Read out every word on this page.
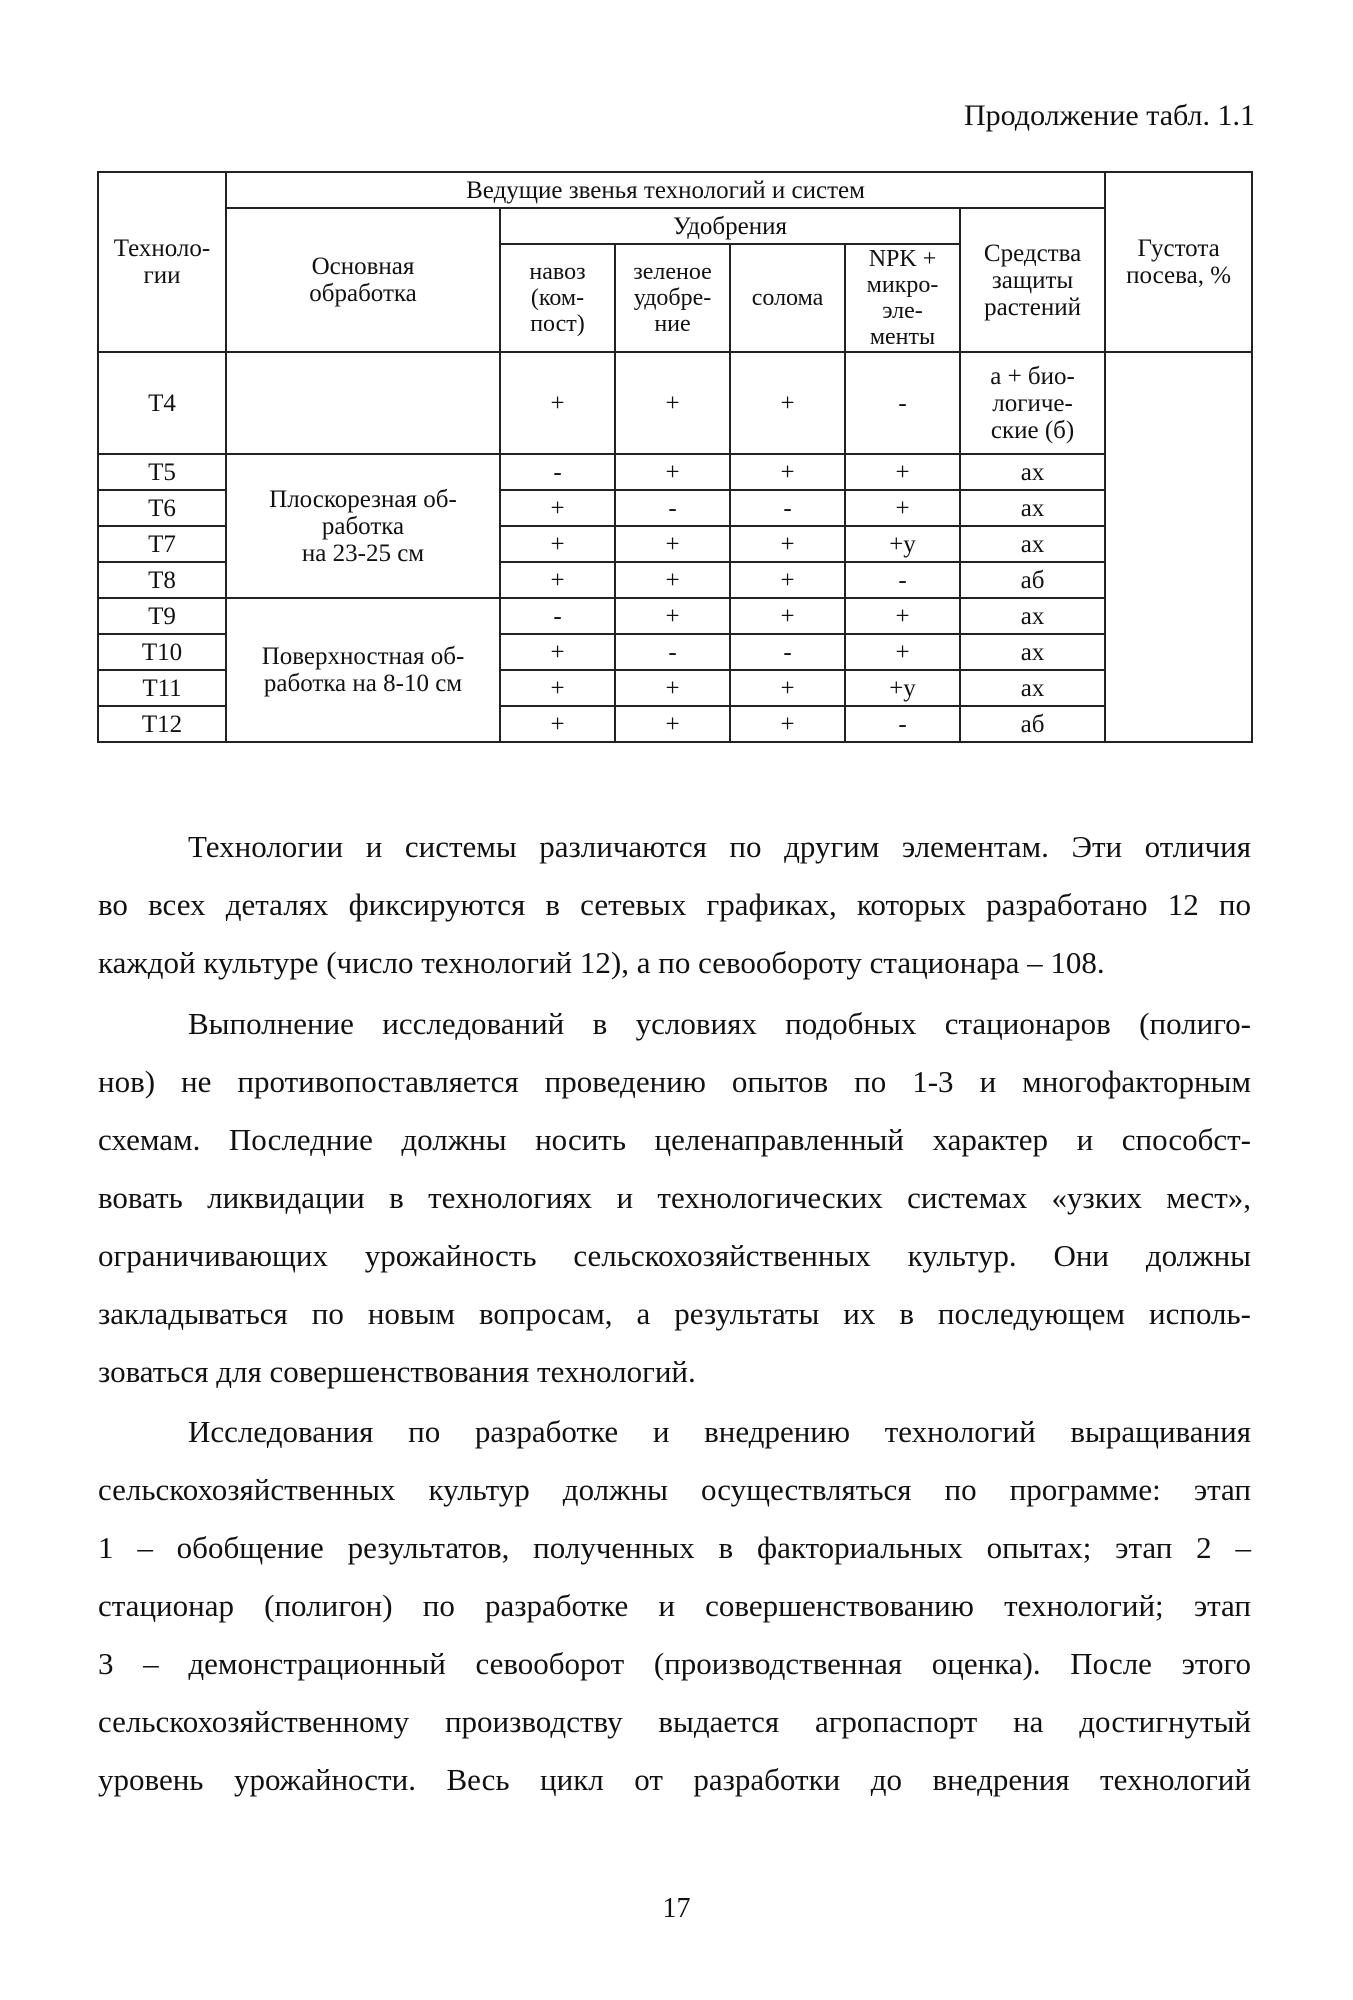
Продолжение табл. 1.1
Техноло-
гии	Ведущие звенья технологий и систем						Густота
посева, %
	Основная
обработка	Удобрения				Средства
защиты
растений	
		навоз
(ком-
пост)	зеленое
удобре-
ние	солома	NPK +
микро-
эле-
менты		
Т4		+	+	+	-	а + био-
логиче-
ские (б)	
Т5	Плоскорезная об-
работка
на 23-25 см	-	+	+	+	ах	
Т6		+	-	-	+	ах	
Т7		+	+	+	+у	ах	
Т8		+	+	+	-	аб	
Т9	Поверхностная об-
работка на 8-10 см	-	+	+	+	ах	
Т10		+	-	-	+	ах	
Т11		+	+	+	+у	ах	
Т12		+	+	+	-	аб	
Технологии и системы различаются по другим элементам. Эти отличия
во всех деталях фиксируются в сетевых графиках, которых разработано 12 по
каждой культуре (число технологий 12), а по севообороту стационара – 108.
Выполнение исследований в условиях подобных стационаров (полиго-
нов) не противопоставляется проведению опытов по 1-3 и многофакторным
схемам. Последние должны носить целенаправленный характер и способст-
вовать ликвидации в технологиях и технологических системах «узких мест»,
ограничивающих урожайность сельскохозяйственных культур. Они должны
закладываться по новым вопросам, а результаты их в последующем исполь-
зоваться для совершенствования технологий.
Исследования по разработке и внедрению технологий выращивания
сельскохозяйственных культур должны осуществляться по программе: этап
1 – обобщение результатов, полученных в факториальных опытах; этап 2 –
стационар (полигон) по разработке и совершенствованию технологий; этап
3 – демонстрационный севооборот (производственная оценка). После этого
сельскохозяйственному производству выдается агропаспорт на достигнутый
уровень урожайности. Весь цикл от разработки до внедрения технологий
17
